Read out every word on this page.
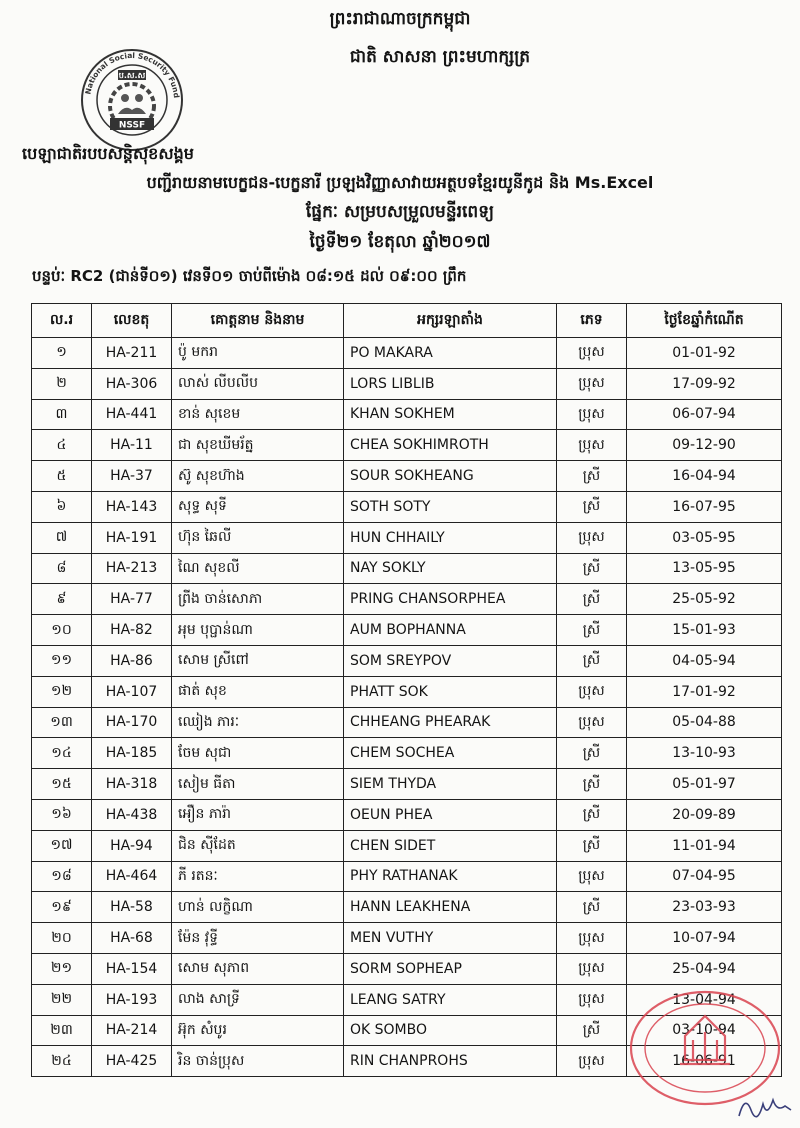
ប.ស.ស
NSSF
National Social Security Fund
ព្រះរាជាណាចក្រកម្ពុជា
ជាតិ សាសនា ព្រះមហាក្សត្រ
បេឡាជាតិរបបសន្តិសុខសង្គម
បញ្ជីរាយនាមបេក្ខជន-បេក្ខនារី ប្រឡងវិញ្ញាសាវាយអត្ថបទខ្មែរយូនីកូដ និង Ms.Excel
ផ្នែកៈ សម្របសម្រួលមន្ទីរពេទ្យ
ថ្ងៃទី២១ ខែតុលា ឆ្នាំ២០១៧
បន្ទប់ៈ RC2 (ជាន់ទី០១) វេនទី០១ ចាប់ពីម៉ោង ០៨:១៥ ដល់ ០៩:០០ ព្រឹក
ល.រ	លេខតុ	គោត្តនាម និងនាម	អក្សរឡាតាំង	ភេទ	ថ្ងៃខែឆ្នាំកំណើត
១	HA-211	ប៉ូ មករា	PO MAKARA	ប្រុស	01-01-92
២	HA-306	លាស់ លីបលីប	LORS LIBLIB	ប្រុស	17-09-92
៣	HA-441	ខាន់ សុខេម	KHAN SOKHEM	ប្រុស	06-07-94
៤	HA-11	ជា សុខឃីមរ័ត្ន	CHEA SOKHIMROTH	ប្រុស	09-12-90
៥	HA-37	ស៊ូ សុខហ៊ាង	SOUR SOKHEANG	ស្រី	16-04-94
៦	HA-143	សុទ្ធ សុទី	SOTH SOTY	ស្រី	16-07-95
៧	HA-191	ហ៊ុន ឆៃលី	HUN CHHAILY	ប្រុស	03-05-95
៨	HA-213	ណៃ សុខលី	NAY SOKLY	ស្រី	13-05-95
៩	HA-77	ព្រីង ចាន់សោភា	PRING CHANSORPHEA	ស្រី	25-05-92
១០	HA-82	អុម បុប្ផាន់ណា	AUM BOPHANNA	ស្រី	15-01-93
១១	HA-86	សោម ស្រីពៅ	SOM SREYPOV	ស្រី	04-05-94
១២	HA-107	ផាត់ សុខ	PHATT SOK	ប្រុស	17-01-92
១៣	HA-170	ឈៀង ភារៈ	CHHEANG PHEARAK	ប្រុស	05-04-88
១៤	HA-185	ចែម សុជា	CHEM SOCHEA	ស្រី	13-10-93
១៥	HA-318	សៀម ធីតា	SIEM THYDA	ស្រី	05-01-97
១៦	HA-438	អឿន ភារ៉ា	OEUN PHEA	ស្រី	20-09-89
១៧	HA-94	ជិន ស៊ីដែត	CHEN SIDET	ស្រី	11-01-94
១៨	HA-464	ភី រតនៈ	PHY RATHANAK	ប្រុស	07-04-95
១៩	HA-58	ហាន់ លក្ខិណា	HANN LEAKHENA	ស្រី	23-03-93
២០	HA-68	ម៉ែន វុទ្ធី	MEN VUTHY	ប្រុស	10-07-94
២១	HA-154	សោម សុភាព	SORM SOPHEAP	ប្រុស	25-04-94
២២	HA-193	លាង សាទ្រី	LEANG SATRY	ប្រុស	13-04-94
២៣	HA-214	អ៊ុក សំបូរ	OK SOMBO	ស្រី	03-10-94
២៤	HA-425	រិន ចាន់ប្រុស	RIN CHANPROHS	ប្រុស	16-06-91
